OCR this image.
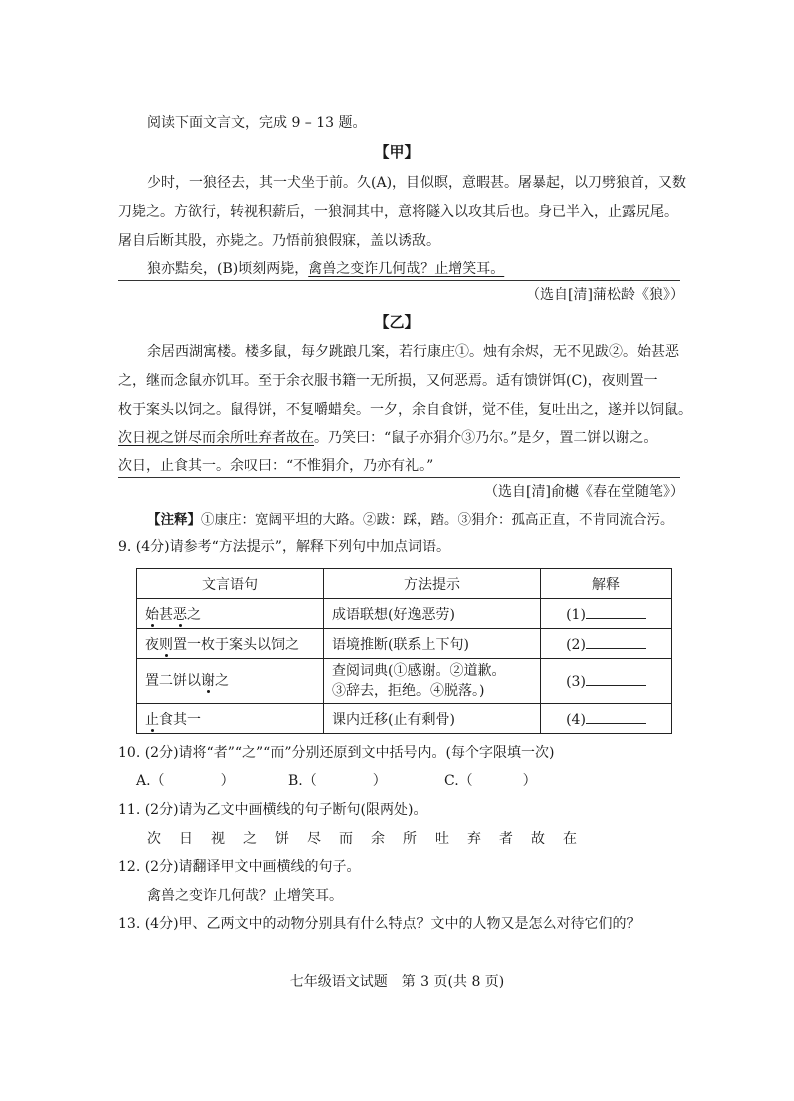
阅读下面文言文，完成 9 – 13 题。
【甲】
少时，一狼径去，其一犬坐于前。久(A)，目似瞑，意暇甚。屠暴起，以刀劈狼首，又数
刀毙之。方欲行，转视积薪后，一狼洞其中，意将隧入以攻其后也。身已半入，止露尻尾。
屠自后断其股，亦毙之。乃悟前狼假寐，盖以诱敌。
狼亦黠矣，(B)顷刻两毙，禽兽之变诈几何哉？止增笑耳。
（选自[清]蒲松龄《狼》）
【乙】
余居西湖寓楼。楼多鼠，每夕跳踉几案，若行康庄①。烛有余烬，无不见跋②。始甚恶
之，继而念鼠亦饥耳。至于余衣服书籍一无所损，又何恶焉。适有馈饼饵(C)，夜则置一
枚于案头以饲之。鼠得饼，不复嚼蜡矣。一夕，余自食饼，觉不佳，复吐出之，遂并以饲鼠。
次日视之饼尽而余所吐弃者故在。乃笑曰：“鼠子亦狷介③乃尔。”是夕，置二饼以谢之。
次日，止食其一。余叹曰：“不惟狷介，乃亦有礼。”
（选自[清]俞樾《春在堂随笔》）
【注释】①康庄：宽阔平坦的大路。②跋：踩，踏。③狷介：孤高正直，不肯同流合污。
9. (4分)请参考“方法提示”，解释下列句中加点词语。
文言语句	方法提示	解释
始甚恶之	成语联想(好逸恶劳)	(1)
夜则置一枚于案头以饲之	语境推断(联系上下句)	(2)
置二饼以谢之	查阅词典(①感谢。②道歉。
③辞去，拒绝。④脱落。)	(3)
止食其一	课内迁移(止有剩骨)	(4)
10. (2分)请将“者”“之”“而”分别还原到文中括号内。(每个字限填一次)
A.（	）	B.（	）	C.（	）
11. (2分)请为乙文中画横线的句子断句(限两处)。
次日视之饼尽而余所吐弃者故在
12. (2分)请翻译甲文中画横线的句子。
禽兽之变诈几何哉？止增笑耳。
13. (4分)甲、乙两文中的动物分别具有什么特点？文中的人物又是怎么对待它们的？
七年级语文试题　第 3 页(共 8 页)
